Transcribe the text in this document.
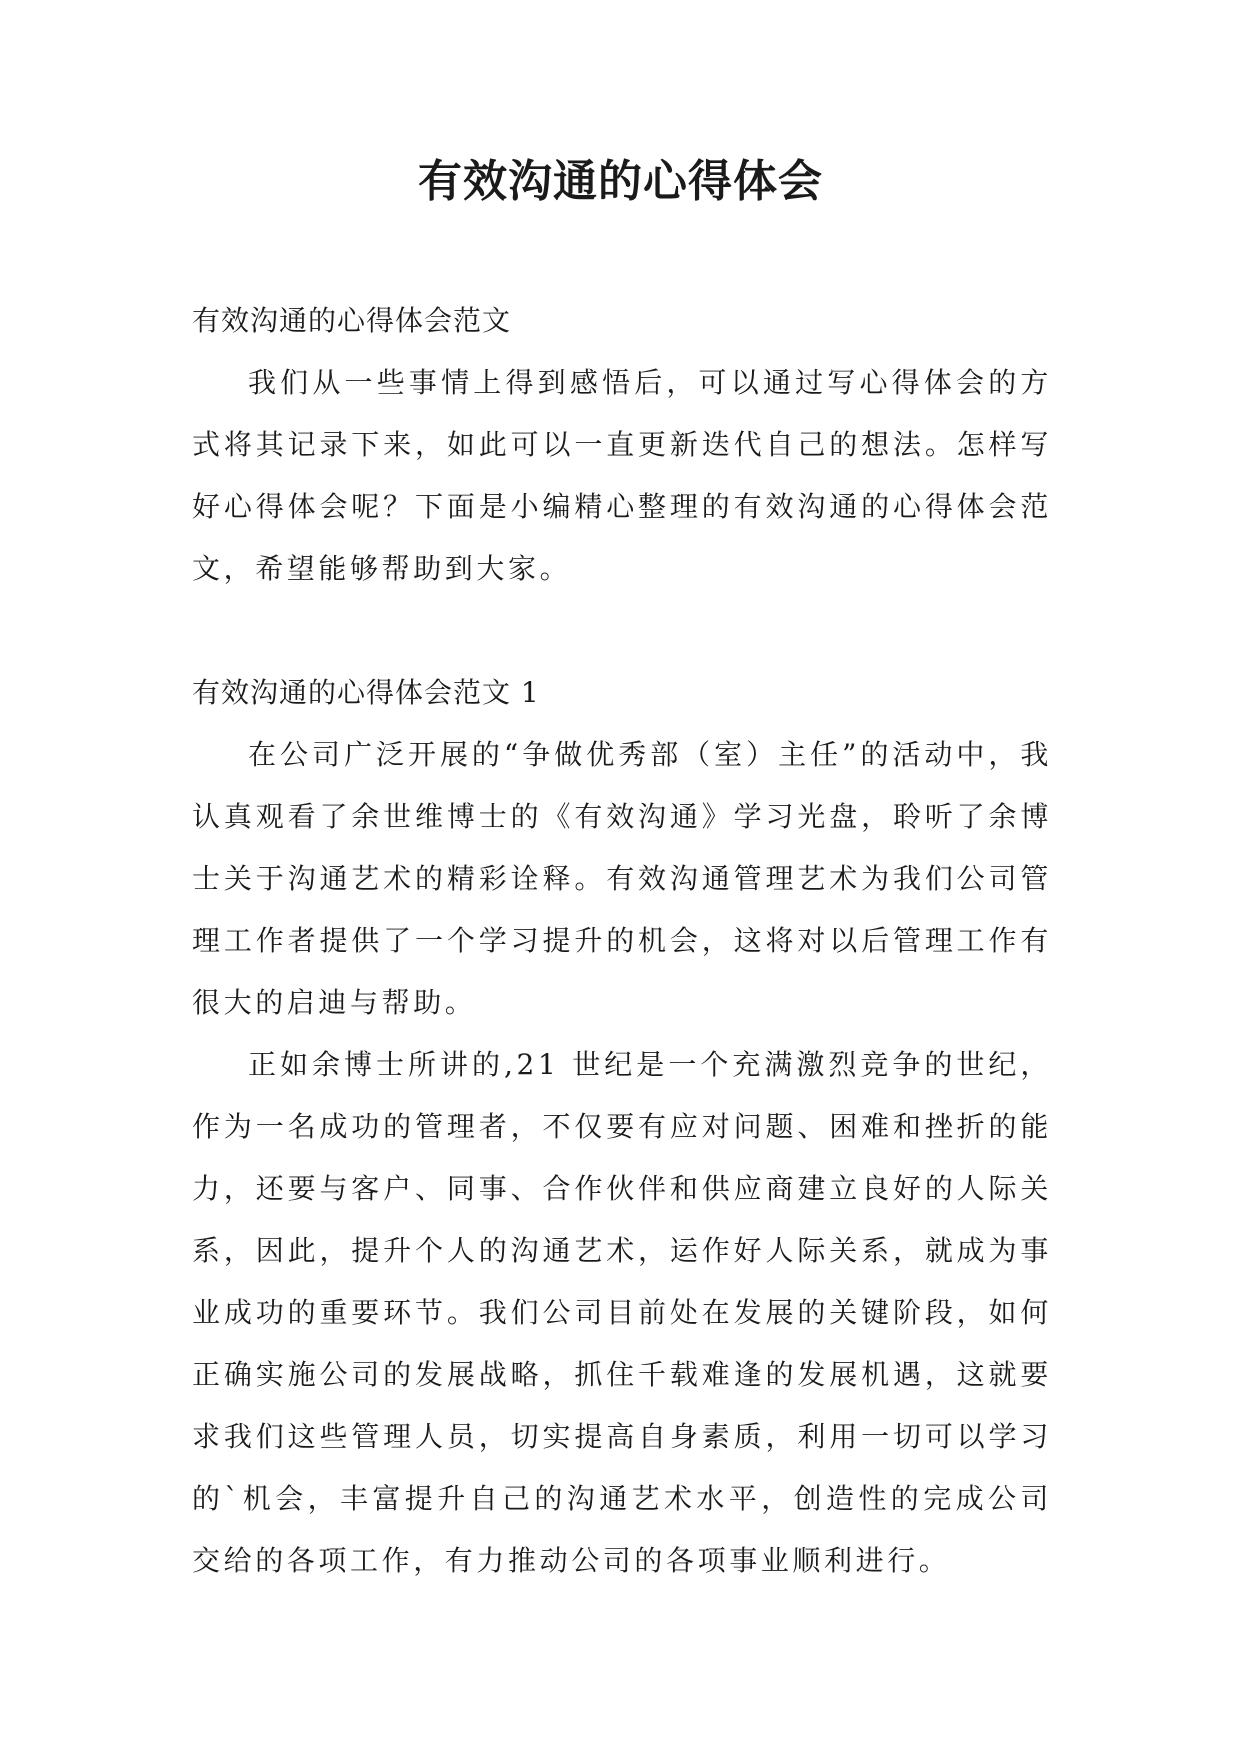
有效沟通的心得体会

有效沟通的心得体会范文

我们从一些事情上得到感悟后，可以通过写心得体会的方式将其记录下来，如此可以一直更新迭代自己的想法。怎样写好心得体会呢？下面是小编精心整理的有效沟通的心得体会范文，希望能够帮助到大家。

有效沟通的心得体会范文 1

在公司广泛开展的“争做优秀部（室）主任”的活动中，我认真观看了余世维博士的《有效沟通》学习光盘，聆听了余博士关于沟通艺术的精彩诠释。有效沟通管理艺术为我们公司管理工作者提供了一个学习提升的机会，这将对以后管理工作有很大的启迪与帮助。

正如余博士所讲的,21 世纪是一个充满激烈竞争的世纪，作为一名成功的管理者，不仅要有应对问题、困难和挫折的能力，还要与客户、同事、合作伙伴和供应商建立良好的人际关系，因此，提升个人的沟通艺术，运作好人际关系，就成为事业成功的重要环节。我们公司目前处在发展的关键阶段，如何正确实施公司的发展战略，抓住千载难逢的发展机遇，这就要求我们这些管理人员，切实提高自身素质，利用一切可以学习的`机会，丰富提升自己的沟通艺术水平，创造性的完成公司交给的各项工作，有力推动公司的各项事业顺利进行。
